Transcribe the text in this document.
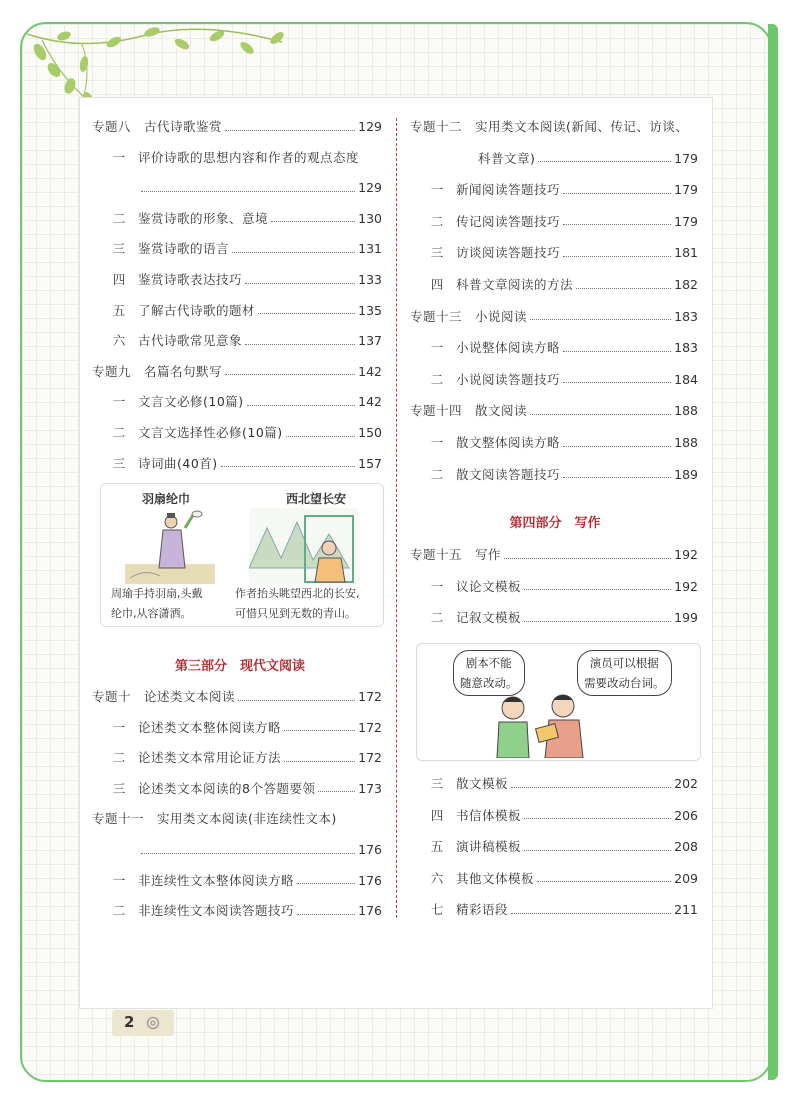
专题八　古代诗歌鉴赏	129
一	评价诗歌的思想内容和作者的观点态度
129
二	鉴赏诗歌的形象、意境	130
三	鉴赏诗歌的语言	131
四	鉴赏诗歌表达技巧	133
五	了解古代诗歌的题材	135
六	古代诗歌常见意象	137
专题九　名篇名句默写	142
一	文言文必修(10篇)	142
二	文言文选择性必修(10篇)	150
三	诗词曲(40首)	157
羽扇纶巾	西北望长安
周瑜手持羽扇,头戴
纶巾,从容潇洒。
作者抬头眺望西北的长安,
可惜只见到无数的青山。
第三部分　现代文阅读
专题十　论述类文本阅读	172
一	论述类文本整体阅读方略	172
二	论述类文本常用论证方法	172
三	论述类文本阅读的8个答题要领	173
专题十一　实用类文本阅读(非连续性文本)
176
一	非连续性文本整体阅读方略	176
二	非连续性文本阅读答题技巧	176
专题十二　实用类文本阅读(新闻、传记、访谈、
科普文章)	179
一	新闻阅读答题技巧	179
二	传记阅读答题技巧	179
三	访谈阅读答题技巧	181
四	科普文章阅读的方法	182
专题十三　小说阅读	183
一	小说整体阅读方略	183
二	小说阅读答题技巧	184
专题十四　散文阅读	188
一	散文整体阅读方略	188
二	散文阅读答题技巧	189
第四部分　写作
专题十五　写作	192
一	议论文模板	192
二	记叙文模板	199
剧本不能
随意改动。
演员可以根据
需要改动台词。
三	散文模板	202
四	书信体模板	206
五	演讲稿模板	208
六	其他文体模板	209
七	精彩语段	211
2
